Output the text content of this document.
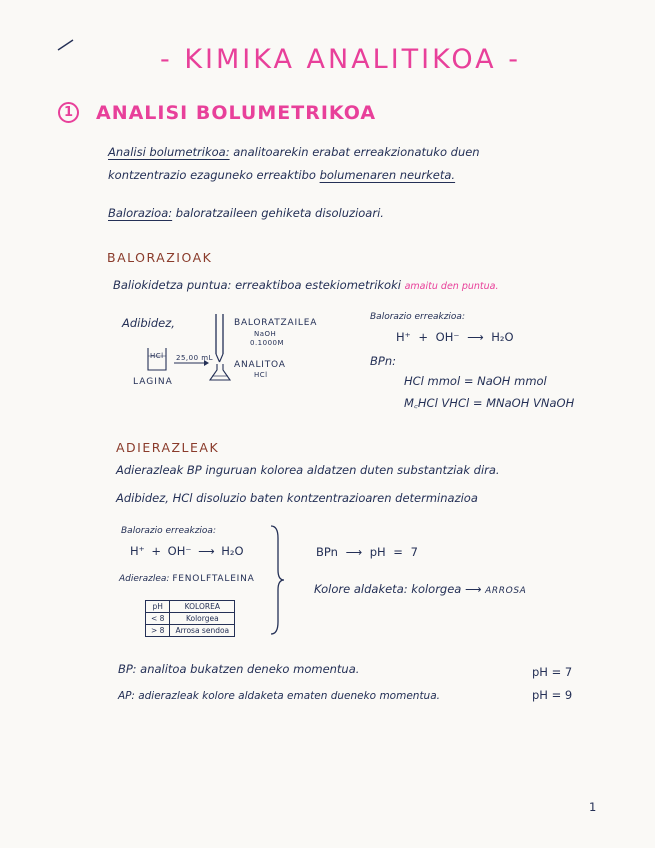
- KIMIKA ANALITIKOA -
1	ANALISI BOLUMETRIKOA
Analisi bolumetrikoa: analitoarekin erabat erreakzionatuko duen
kontzentrazio ezaguneko erreaktibo bolumenaren neurketa.
Balorazioa: baloratzaileen gehiketa disoluzioari.
BALORAZIOAK
Baliokidetza puntua: erreaktiboa estekiometrikoki amaitu den puntua.
Adibidez,
HCl 25,00 mL
LAGINA
BALORATZAILEA
NaOH
0.1000M
ANALITOA
HCl
Balorazio erreakzioa:
H⁺ + OH⁻ ⟶ H₂O
BPn:
HCl mmol = NaOH mmol
M꜀HCl VHCl = MNaOH VNaOH
ADIERAZLEAK
Adierazleak BP inguruan kolorea aldatzen duten substantziak dira.
Adibidez, HCl disoluzio baten kontzentrazioaren determinazioa
Balorazio erreakzioa:
H⁺ + OH⁻ ⟶ H₂O
Adierazlea: FENOLFTALEINA
BPn ⟶ pH = 7
Kolore aldaketa: kolorgea ⟶ ARROSA
pH	KOLOREA
< 8	Kolorgea
> 8	Arrosa sendoa
BP: analitoa bukatzen deneko momentua.	pH = 7
AP: adierazleak kolore aldaketa ematen dueneko momentua.	pH = 9
1
